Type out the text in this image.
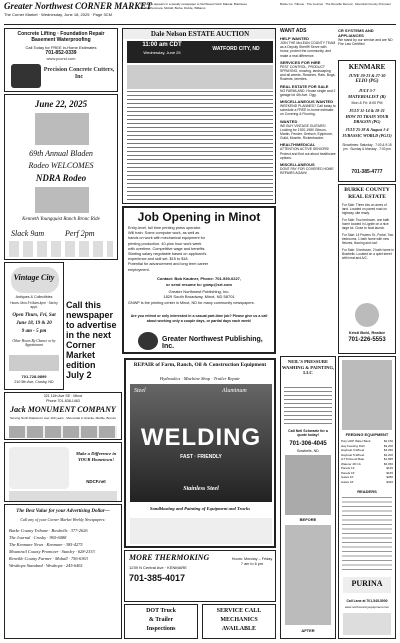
Greater Northwest CORNER MARKET
The Corner Market · Wednesday, June 18, 2025 · Page 3CM
This page appears in a weekly newspaper to Northwest North Dakota: Bottineau, Crosby/Kenmare, Mohall, Burke, Divide, Williams
Burke Co. Tribune · The Journal · The Renville Record · Mountrail County Promoter
Concrete Lifting · Foundation Repair Basement Waterproofing
Call Today for FREE in-Home Estimates
701-852-0339
www.pccnd.com
Precision Concrete Cutters, Inc
June 22, 2025
69th Annual Bladen
Rodeo WELCOMES
NDRA Rodeo
Kenneth Youngquist Ranch Bronc Ride
Slack 9am	Perf 2pm
Dale Nelson ESTATE AUCTION
11:00 am CDT
Wednesday, June 25
WATFORD CITY, ND
Job Opening in Minot
Entry-level, full time printing press operator.
Will train. Some computer work, as well as
hands on work with mechanical equipment for
printing production. 40-plus hour work week
with overtime. Competitive wage and benefits.
Starting salary negotiable based on applicant's
experience and skill set. $15 to $18.
Potential for advancement and long term career
employment.
Contact: Bob Kautner, Phone: 701-939-0227,
or send resume to: gnwp@srt.com
Greater Northwest Publishing, Inc.
1829 South Broadway, Minot, ND 58701
GNWP is the printing center in Minot, ND for many community newspapers.
Are you retired or only interested in a casual part-time job? Please give us a call about working only a couple days, or partial days each week!
Greater Northwest Publishing, Inc.
WANT ADS
HELP WANTED
JOIN THE McLEAN COUNTY TEAM as a Deputy Sheriff! Serve with honor, protect the community, and make a real difference.
SERVICES FOR HIRE
PEST CONTROL, PRODUCT SPRAYING, mowing, landscaping and all weeds. Reaches, Rats, Bugs, Rodents, termites.
REAL ESTATE FOR SALE
NO FARMLAND. House single and 2 garage lot 4th Ave. Ogg.
MISCELLANEOUS WANTED
WEEKEND PLANNED? Call today to schedule a FREE in-home estimate on Covering & Flooring.
WANTED
WE BUY VINTAGE GUITARS! Looking for 1920-1980 Gibson, Martin, Fender, Gretsch, Epiphone, Guild, Mosrite, Rickenbacker.
HEALTH/MEDICAL
ATTENTION ACTIVE SENIORS! Protect and find out about healthcare options.
MISCELLANEOUS
DONT PAY FOR COVERED HOME REPAIRS AGAIN!
CR SYSTEMS AND APPLIANCES
We stand by our service and are ND Fire Law Certified
KENMARE
JUNE 20-23 & 27-30
ELIO (PG)
JULY 5-7
MATERIALIST (R)
Mon & Fri: 8:00 PM
JULY 11-14 & 18-21
HOW TO TRAIN YOUR DRAGON (PG)
JULY 25-28 & August 1-4
JURASSIC WORLD (PG13)
Showtimes: Saturday - 7:00 & 9:15 pm · Sunday & Monday - 7:00 pm
701-385-4777
BURKE COUNTY REAL ESTATE
For Sale: Three lots on acres of land. Located on paved road on highway, site ready.
For Sale: Two bedroom, one bath home located in Lignite on a nice large lot. Close to boat launch.
For Sale: 14 Powers St., Portal. Two bedrooms, 1 bath home with new fixtures, flooring and roof.
For Sale: 3 bedroom, 2 bath home in Bowbells. Located on a quiet street with heat and A/C.
Kristi Bohl, Realtor
701-226-5553
Vintage City
Antiques & Collectibles
Hours: Mon-Fri 8am-4pm · Sat by appt.
Open Thurs, Fri, Sat
June 18, 19 & 20
9 am - 5 pm
Other Hours By Chance or by Appointment
701-728-9899
210 5th Ave, Crosby, ND
Call this
newspaper
to advertise
in the next
Corner
Market
edition
July 2
321 11th Ave SE · Minot
Phone 701-838-1463
Jack MONUMENT COMPANY
Serving North Dakota for over 100 years · Memorials in Granite, Marble, Bronze
Make a Difference in YOUR Hometown!
NDCF.net
The Best Value for your Advertising Dollar—
Call any of your Corner Market Weekly Newspapers:
Burke County Tribune · Bowbells · 377-2626
The Journal · Crosby · 965-6088
The Kenmare News · Kenmare · 385-4275
Mountrail County Promoter · Stanley · 628-2333
Renville County Farmer · Mohall · 756-6363
Westhope Standard · Westhope · 245-6461
REPAIR of Farm, Ranch, Oil & Construction Equipment
Hydraulics · Machine Shop · Trailer Repair
Steel	Aluminum
WELDING
FAST · FRIENDLY
Stainless Steel
Sandblasting and Painting of Equipment and Trucks
MORE THERMOKING
1239 N Central Ave · KENMARE
701-385-4017
Hours: Monday – Friday 7 am to 6 pm
DOT Truck
& Trailer
Inspections
SERVICE CALL
MECHANICS
AVAILABLE
NEIL'S PRESSURE WASHING & PAINTING, LLC
Call Neil Schwartz for a quote today!
701-306-4045
Bowbells, ND
BEFORE
AFTER
FEEDING EQUIPMENT
Poly HOP Water Bank	$4,150
Hay Feeding Dish	$3,200
Hayboat 3-Wheel	$3,050
Hayboat 5-Wheel	$4,200
GT 8 Round Bale	$1,895
Waterer 48 CA	$2,050
Panels 12'	$135
Panels 16'	$165
Gates 10'	$280
Gates 16'	$340
READERS
PURINA
Call Lane at 701-545-5000
www.northcountryequipment.com
